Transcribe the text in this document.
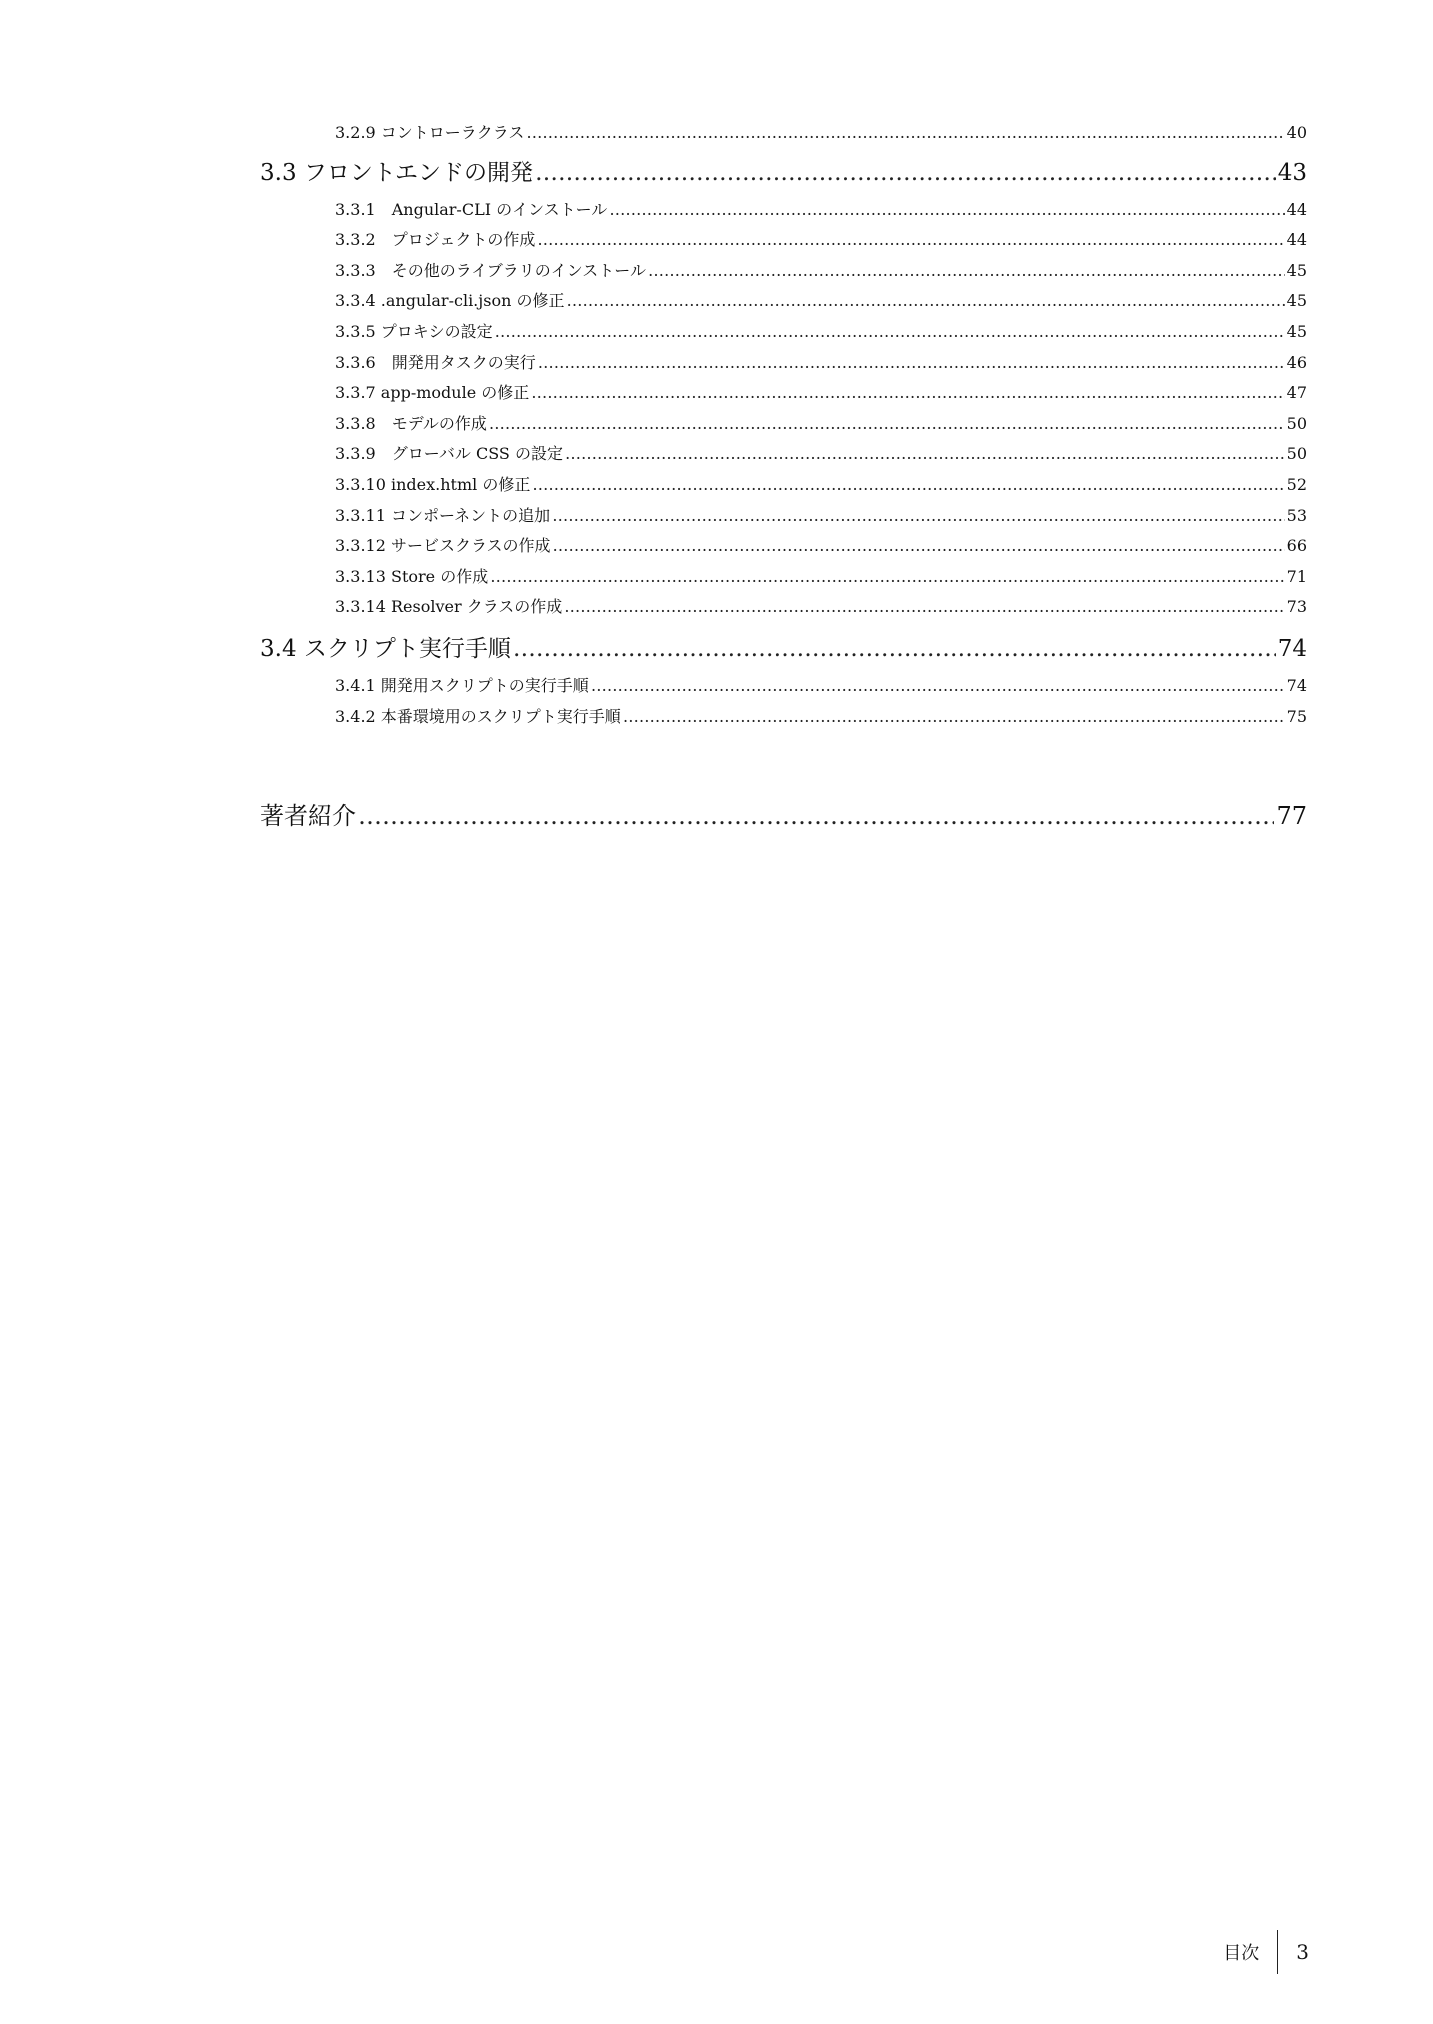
3.2.9 コントローラクラス …………………………………………………………………………………………………………………………………………………………………………………………………………………………………………………………………………	40
3.3 フロントエンドの開発 …………………………………………………………………………………………………………………………………………………………………………………………………………………………………………………………………………	43
3.3.1　Angular-CLI のインストール …………………………………………………………………………………………………………………………………………………………………………………………………………………………………………………………………………	44
3.3.2　プロジェクトの作成 …………………………………………………………………………………………………………………………………………………………………………………………………………………………………………………………………………	44
3.3.3　その他のライブラリのインストール …………………………………………………………………………………………………………………………………………………………………………………………………………………………………………………………………………	45
3.3.4 .angular-cli.json の修正 …………………………………………………………………………………………………………………………………………………………………………………………………………………………………………………………………………	45
3.3.5 プロキシの設定 …………………………………………………………………………………………………………………………………………………………………………………………………………………………………………………………………………	45
3.3.6　開発用タスクの実行 …………………………………………………………………………………………………………………………………………………………………………………………………………………………………………………………………………	46
3.3.7 app-module の修正 …………………………………………………………………………………………………………………………………………………………………………………………………………………………………………………………………………	47
3.3.8　モデルの作成 …………………………………………………………………………………………………………………………………………………………………………………………………………………………………………………………………………	50
3.3.9　グローバル CSS の設定 …………………………………………………………………………………………………………………………………………………………………………………………………………………………………………………………………………	50
3.3.10 index.html の修正 …………………………………………………………………………………………………………………………………………………………………………………………………………………………………………………………………………	52
3.3.11 コンポーネントの追加 …………………………………………………………………………………………………………………………………………………………………………………………………………………………………………………………………………	53
3.3.12 サービスクラスの作成 …………………………………………………………………………………………………………………………………………………………………………………………………………………………………………………………………………	66
3.3.13 Store の作成 …………………………………………………………………………………………………………………………………………………………………………………………………………………………………………………………………………	71
3.3.14 Resolver クラスの作成 …………………………………………………………………………………………………………………………………………………………………………………………………………………………………………………………………………	73
3.4 スクリプト実行手順 …………………………………………………………………………………………………………………………………………………………………………………………………………………………………………………………………………	74
3.4.1 開発用スクリプトの実行手順 …………………………………………………………………………………………………………………………………………………………………………………………………………………………………………………………………………	74
3.4.2 本番環境用のスクリプト実行手順 …………………………………………………………………………………………………………………………………………………………………………………………………………………………………………………………………………	75
著者紹介 …………………………………………………………………………………………………………………………………………………………………………………………………………………………………………………………………………	77
目次 3
